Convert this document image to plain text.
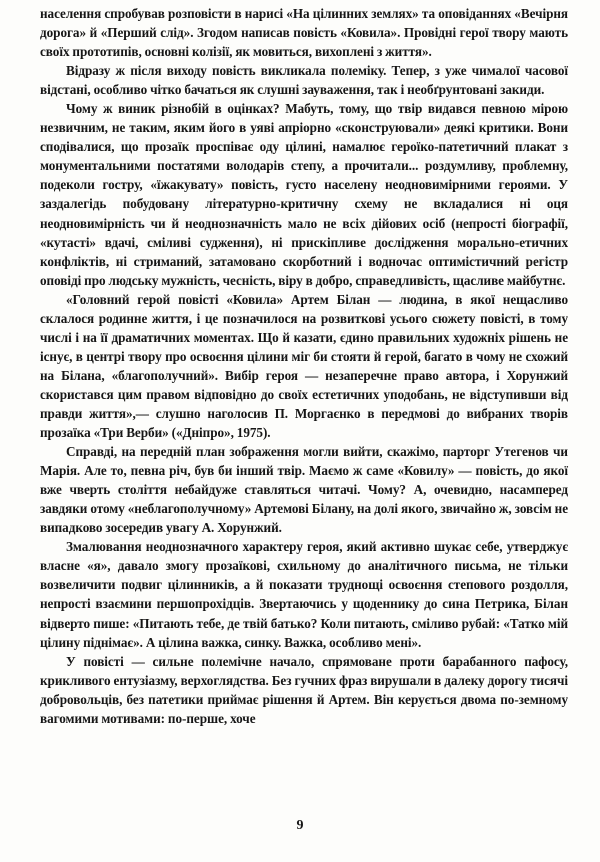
населення спробував розповісти в нарисі «На цілинних землях» та оповіданнях «Вечірня дорога» й «Перший слід». Згодом написав повість «Ковила». Провідні герої твору мають своїх прототипів, основні колізії, як мовиться, вихоплені з життя».

Відразу ж після виходу повість викликала полеміку. Тепер, з уже чималої часової відстані, особливо чітко бачаться як слушні зауваження, так і необґрунтовані закиди.

Чому ж виник різнобій в оцінках? Мабуть, тому, що твір видався певною мірою незвичним, не таким, яким його в уяві апріорно «сконструювали» деякі критики. Вони сподівалися, що прозаїк проспіває оду цілині, намалює героїко-патетичний плакат з монументальними постатями володарів степу, а прочитали... роздумливу, проблемну, подеколи гостру, «їжакувату» повість, густо населену неодновимірними героями. У заздалегідь побудовану літературно-критичну схему не вкладалися ні оця неодновимірність чи й неоднозначність мало не всіх дійових осіб (непрості біографії, «кутасті» вдачі, сміливі судження), ні прискіпливе дослідження морально-етичних конфліктів, ні стриманий, затамовано скорботний і водночас оптимістичний регістр оповіді про людську мужність, чесність, віру в добро, справедливість, щасливе майбутнє.

«Головний герой повісті «Ковила» Артем Білан — людина, в якої нещасливо склалося родинне життя, і це позначилося на розвиткові усього сюжету повісті, в тому числі і на її драматичних моментах. Що й казати, єдино правильних художніх рішень не існує, в центрі твору про освоєння цілини міг би стояти й герой, багато в чому не схожий на Білана, «благополучний». Вибір героя — незаперечне право автора, і Хорунжий скористався цим правом відповідно до своїх естетичних уподобань, не відступивши від правди життя»,— слушно наголосив П. Моргаєнко в передмові до вибраних творів прозаїка «Три Верби» («Дніпро», 1975).

Справді, на передній план зображення могли вийти, скажімо, парторг Утегенов чи Марія. Але то, певна річ, був би інший твір. Маємо ж саме «Ковилу» — повість, до якої вже чверть століття небайдуже ставляться читачі. Чому? А, очевидно, насамперед завдяки отому «неблагополучному» Артемові Білану, на долі якого, звичайно ж, зовсім не випадково зосередив увагу А. Хорунжий.

Змалювання неоднозначного характеру героя, який активно шукає себе, утверджує власне «я», давало змогу прозаїкові, схильному до аналітичного письма, не тільки возвеличити подвиг цілинників, а й показати труднощі освоєння степового роздолля, непрості взаємини першопрохідців. Звертаючись у щоденнику до сина Петрика, Білан відверто пише: «Питають тебе, де твій батько? Коли питають, сміливо рубай: «Татко мій цілину піднімає». А цілина важка, синку. Важка, особливо мені».

У повісті — сильне полемічне начало, спрямоване проти барабанного пафосу, крикливого ентузіазму, верхоглядства. Без гучних фраз вирушали в далеку дорогу тисячі добровольців, без патетики приймає рішення й Артем. Він керується двома по-земному вагомими мотивами: по-перше, хоче

9
